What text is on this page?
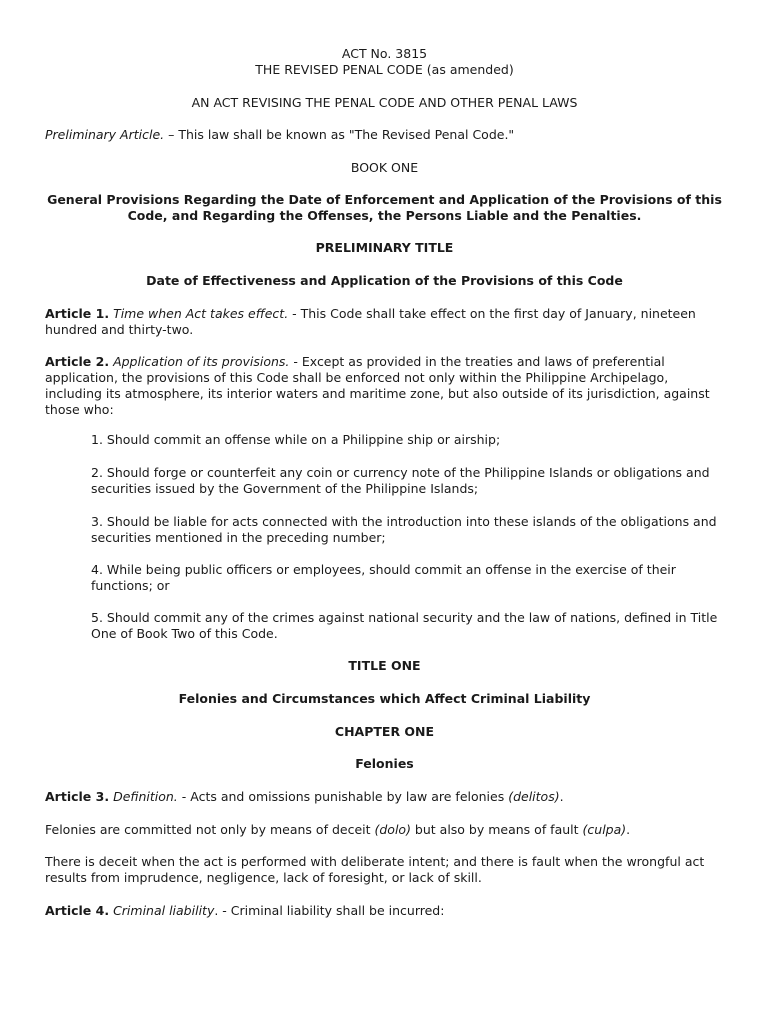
ACT No. 3815

THE REVISED PENAL CODE (as amended)

AN ACT REVISING THE PENAL CODE AND OTHER PENAL LAWS

Preliminary Article. – This law shall be known as "The Revised Penal Code."

BOOK ONE

General Provisions Regarding the Date of Enforcement and Application of the Provisions of this Code, and Regarding the Offenses, the Persons Liable and the Penalties.

PRELIMINARY TITLE

Date of Effectiveness and Application of the Provisions of this Code

Article 1. Time when Act takes effect. - This Code shall take effect on the first day of January, nineteen hundred and thirty-two.

Article 2. Application of its provisions. - Except as provided in the treaties and laws of preferential application, the provisions of this Code shall be enforced not only within the Philippine Archipelago, including its atmosphere, its interior waters and maritime zone, but also outside of its jurisdiction, against those who:

1. Should commit an offense while on a Philippine ship or airship;

2. Should forge or counterfeit any coin or currency note of the Philippine Islands or obligations and securities issued by the Government of the Philippine Islands;

3. Should be liable for acts connected with the introduction into these islands of the obligations and securities mentioned in the preceding number;

4. While being public officers or employees, should commit an offense in the exercise of their functions; or

5. Should commit any of the crimes against national security and the law of nations, defined in Title One of Book Two of this Code.

TITLE ONE

Felonies and Circumstances which Affect Criminal Liability

CHAPTER ONE

Felonies

Article 3. Definition. - Acts and omissions punishable by law are felonies (delitos).

Felonies are committed not only by means of deceit (dolo) but also by means of fault (culpa).

There is deceit when the act is performed with deliberate intent; and there is fault when the wrongful act results from imprudence, negligence, lack of foresight, or lack of skill.

Article 4. Criminal liability. - Criminal liability shall be incurred:
